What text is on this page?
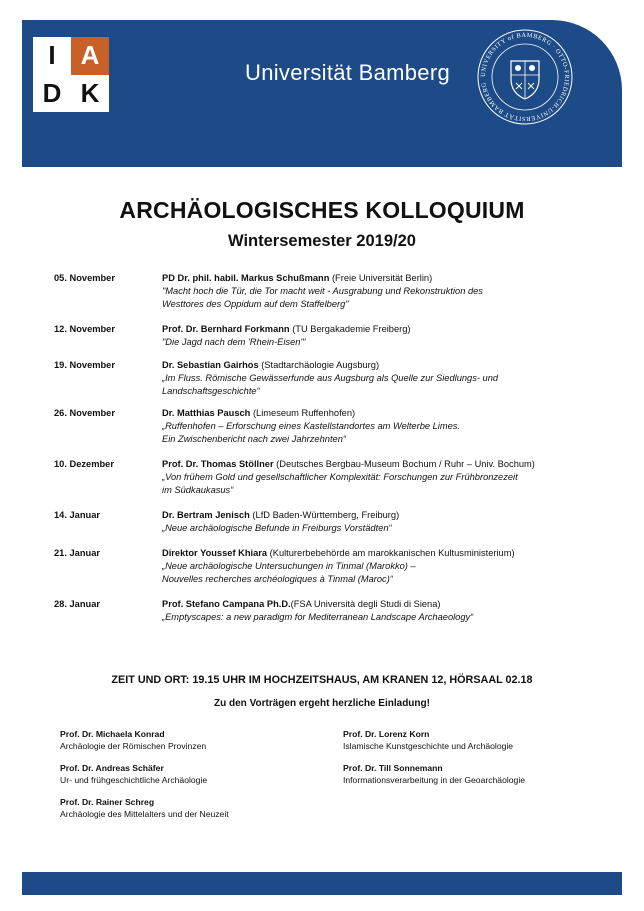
I A
D K
Universität Bamberg	UNIVERSITY of BAMBERG · OTTO-FRIEDRICH-UNIVERSITÄT BAMBERG
ARCHÄOLOGISCHES KOLLOQUIUM
Wintersemester 2019/20
05. November	PD Dr. phil. habil. Markus Schußmann (Freie Universität Berlin)
"Macht hoch die Tür, die Tor macht weit - Ausgrabung und Rekonstruktion des
Westtores des Oppidum auf dem Staffelberg"
12. November	Prof. Dr. Bernhard Forkmann (TU Bergakademie Freiberg)
"Die Jagd nach dem 'Rhein-Eisen'"
19. November	Dr. Sebastian Gairhos (Stadtarchäologie Augsburg)
„Im Fluss. Römische Gewässerfunde aus Augsburg als Quelle zur Siedlungs- und
Landschaftsgeschichte“
26. November	Dr. Matthias Pausch (Limeseum Ruffenhofen)
„Ruffenhofen – Erforschung eines Kastellstandortes am Welterbe Limes.
Ein Zwischenbericht nach zwei Jahrzehnten“
10. Dezember	Prof. Dr. Thomas Stöllner (Deutsches Bergbau-Museum Bochum / Ruhr – Univ. Bochum)
„Von frühem Gold und gesellschaftlicher Komplexität: Forschungen zur Frühbronzezeit
im Südkaukasus“
14. Januar	Dr. Bertram Jenisch (LfD Baden-Württemberg, Freiburg)
„Neue archäologische Befunde in Freiburgs Vorstädten“
21. Januar	Direktor Youssef Khiara (Kulturerbebehörde am marokkanischen Kultusministerium)
„Neue archäologische Untersuchungen in Tinmal (Marokko) –
Nouvelles recherches archéologiques à Tinmal (Maroc)“
28. Januar	Prof. Stefano Campana Ph.D.(FSA Università degli Studi di Siena)
„Emptyscapes: a new paradigm for Mediterranean Landscape Archaeology“
ZEIT UND ORT: 19.15 UHR IM HOCHZEITSHAUS, AM KRANEN 12, HÖRSAAL 02.18
Zu den Vorträgen ergeht herzliche Einladung!
Prof. Dr. Michaela Konrad
Archäologie der Römischen Provinzen
Prof. Dr. Andreas Schäfer
Ur- und frühgeschichtliche Archäologie
Prof. Dr. Rainer Schreg
Archäologie des Mittelalters und der Neuzeit
Prof. Dr. Lorenz Korn
Islamische Kunstgeschichte und Archäologie
Prof. Dr. Till Sonnemann
Informationsverarbeitung in der Geoarchäologie
